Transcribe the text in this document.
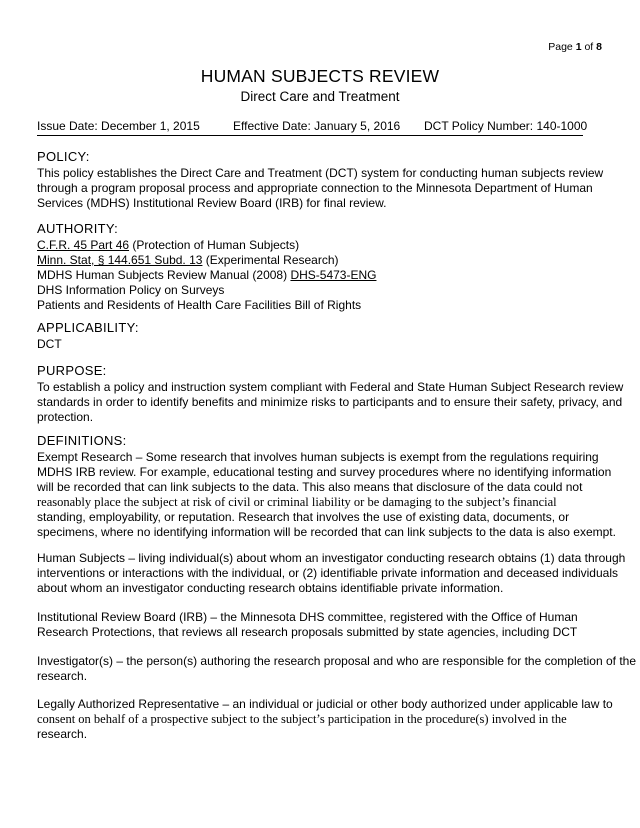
Page 1 of 8
HUMAN SUBJECTS REVIEW
Direct Care and Treatment
Issue Date: December 1, 2015	Effective Date: January 5, 2016 DCT Policy Number: 140-1000
POLICY:
This policy establishes the Direct Care and Treatment (DCT) system for conducting human subjects review
through a program proposal process and appropriate connection to the Minnesota Department of Human
Services (MDHS) Institutional Review Board (IRB) for final review.
AUTHORITY:
C.F.R. 45 Part 46 (Protection of Human Subjects)
Minn. Stat, § 144.651 Subd. 13 (Experimental Research)
MDHS Human Subjects Review Manual (2008) DHS-5473-ENG
DHS Information Policy on Surveys
Patients and Residents of Health Care Facilities Bill of Rights
APPLICABILITY:
DCT
PURPOSE:
To establish a policy and instruction system compliant with Federal and State Human Subject Research review
standards in order to identify benefits and minimize risks to participants and to ensure their safety, privacy, and
protection.
DEFINITIONS:
Exempt Research – Some research that involves human subjects is exempt from the regulations requiring
MDHS IRB review. For example, educational testing and survey procedures where no identifying information
will be recorded that can link subjects to the data. This also means that disclosure of the data could not
reasonably place the subject at risk of civil or criminal liability or be damaging to the subject’s financial
standing, employability, or reputation. Research that involves the use of existing data, documents, or
specimens, where no identifying information will be recorded that can link subjects to the data is also exempt.
Human Subjects – living individual(s) about whom an investigator conducting research obtains (1) data through
interventions or interactions with the individual, or (2) identifiable private information and deceased individuals
about whom an investigator conducting research obtains identifiable private information.
Institutional Review Board (IRB) – the Minnesota DHS committee, registered with the Office of Human
Research Protections, that reviews all research proposals submitted by state agencies, including DCT
Investigator(s) – the person(s) authoring the research proposal and who are responsible for the completion of the
research.
Legally Authorized Representative – an individual or judicial or other body authorized under applicable law to
consent on behalf of a prospective subject to the subject’s participation in the procedure(s) involved in the
research.
